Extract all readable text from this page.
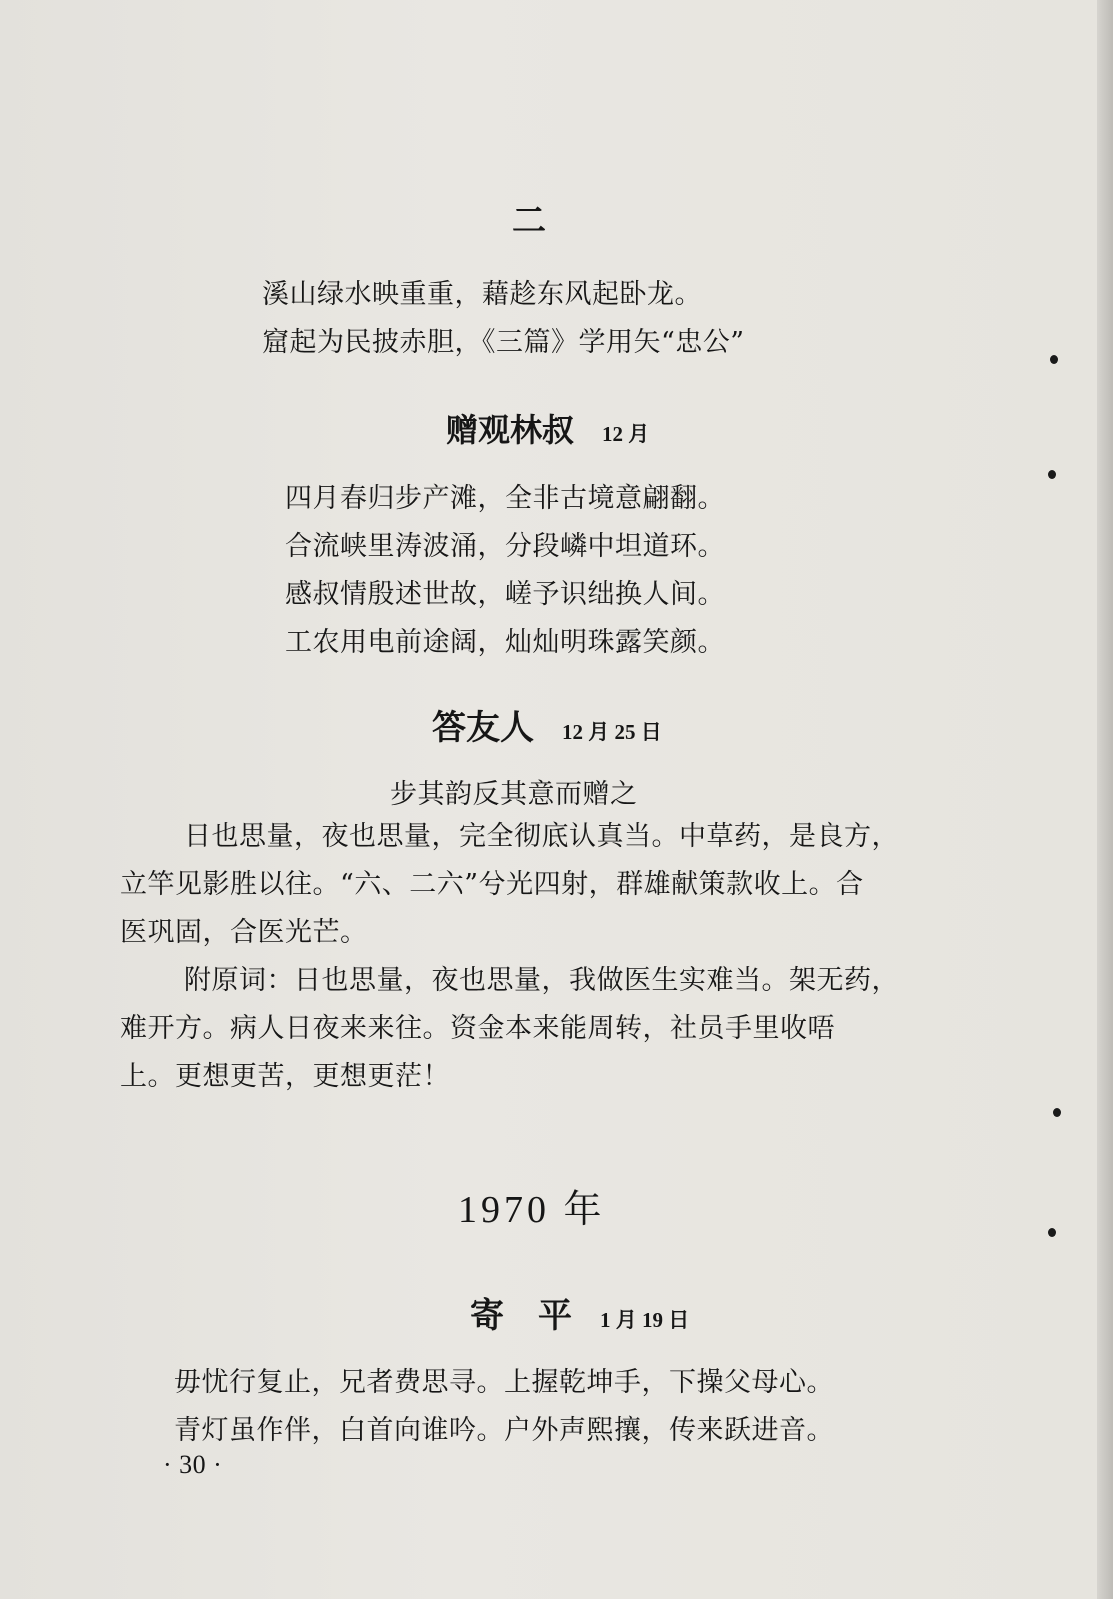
二
溪山绿水映重重，藉趁东风起卧龙。
窟起为民披赤胆，《三篇》学用矢“忠公”
赠观林叔 12 月
四月春归步产滩，全非古境意翩翻。
合流峡里涛波涌，分段嶙中坦道环。
感叔情殷述世故，嵯予识绌换人间。
工农用电前途阔，灿灿明珠露笑颜。
答友人 12 月 25 日
步其韵反其意而赠之
日也思量，夜也思量，完全彻底认真当。中草药，是良方，
立竿见影胜以往。“六、二六”兮光四射，群雄献策款收上。合
医巩固，合医光芒。
附原词：日也思量，夜也思量，我做医生实难当。架无药，
难开方。病人日夜来来往。资金本来能周转，社员手里收唔
上。更想更苦，更想更茫！
1970 年
寄　平 1 月 19 日
毋忧行复止，兄者费思寻。上握乾坤手，下操父母心。
青灯虽作伴，白首向谁吟。户外声熙攘，传来跃进音。
· 30 ·
